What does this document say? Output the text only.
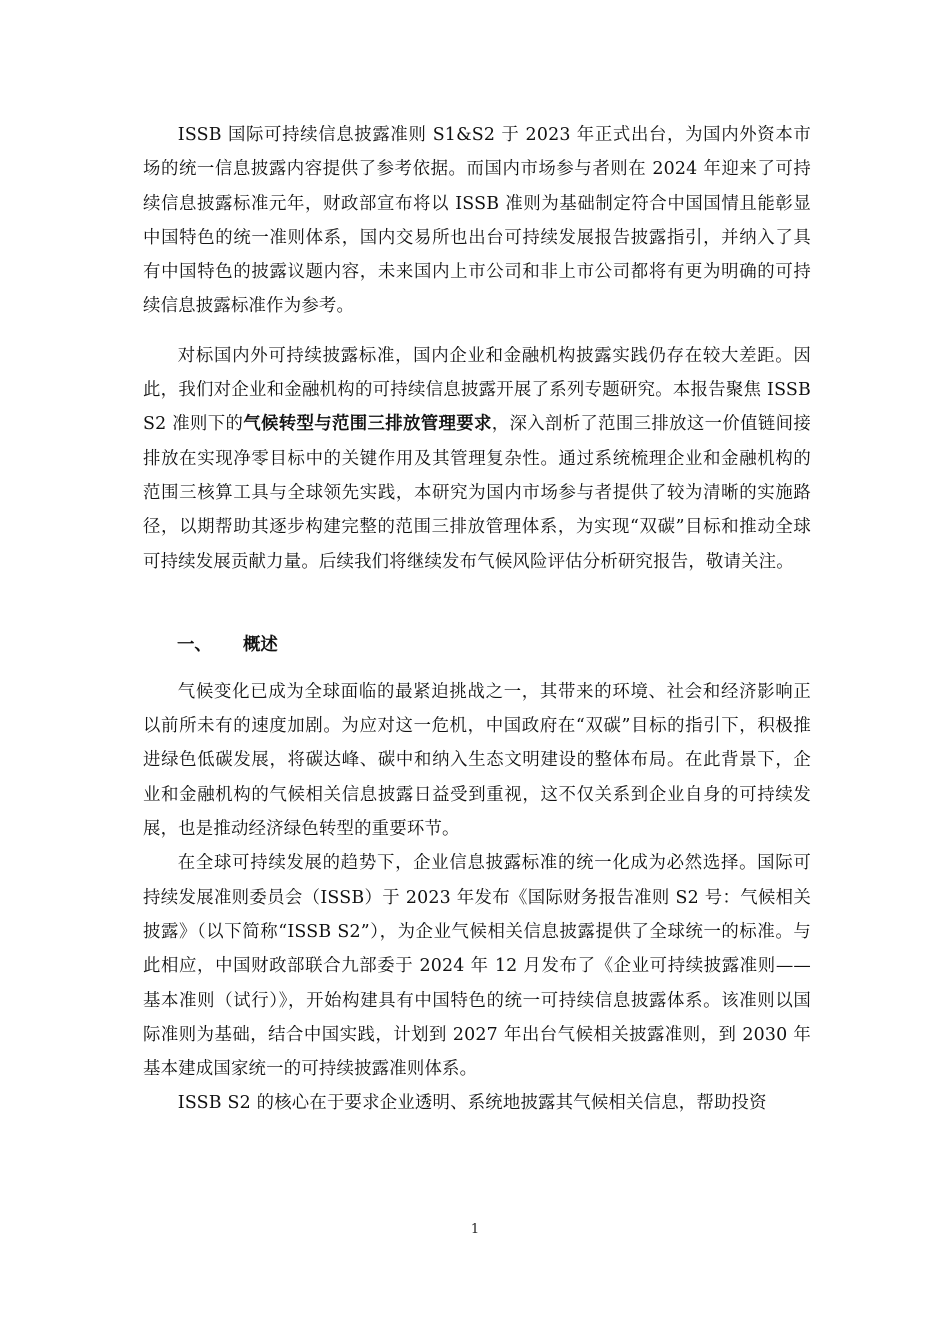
ISSB 国际可持续信息披露准则 S1&S2 于 2023 年正式出台，为国内外资本市场的统一信息披露内容提供了参考依据。而国内市场参与者则在 2024 年迎来了可持续信息披露标准元年，财政部宣布将以 ISSB 准则为基础制定符合中国国情且能彰显中国特色的统一准则体系，国内交易所也出台可持续发展报告披露指引，并纳入了具有中国特色的披露议题内容，未来国内上市公司和非上市公司都将有更为明确的可持续信息披露标准作为参考。

对标国内外可持续披露标准，国内企业和金融机构披露实践仍存在较大差距。因此，我们对企业和金融机构的可持续信息披露开展了系列专题研究。本报告聚焦 ISSB S2 准则下的气候转型与范围三排放管理要求，深入剖析了范围三排放这一价值链间接排放在实现净零目标中的关键作用及其管理复杂性。通过系统梳理企业和金融机构的范围三核算工具与全球领先实践，本研究为国内市场参与者提供了较为清晰的实施路径，以期帮助其逐步构建完整的范围三排放管理体系，为实现“双碳”目标和推动全球可持续发展贡献力量。后续我们将继续发布气候风险评估分析研究报告，敬请关注。

一、 概述

气候变化已成为全球面临的最紧迫挑战之一，其带来的环境、社会和经济影响正以前所未有的速度加剧。为应对这一危机，中国政府在“双碳”目标的指引下，积极推进绿色低碳发展，将碳达峰、碳中和纳入生态文明建设的整体布局。在此背景下，企业和金融机构的气候相关信息披露日益受到重视，这不仅关系到企业自身的可持续发展，也是推动经济绿色转型的重要环节。

在全球可持续发展的趋势下，企业信息披露标准的统一化成为必然选择。国际可持续发展准则委员会（ISSB）于 2023 年发布《国际财务报告准则 S2 号：气候相关披露》（以下简称“ISSB S2”），为企业气候相关信息披露提供了全球统一的标准。与此相应，中国财政部联合九部委于 2024 年 12 月发布了《企业可持续披露准则——基本准则（试行）》，开始构建具有中国特色的统一可持续信息披露体系。该准则以国际准则为基础，结合中国实践，计划到 2027 年出台气候相关披露准则，到 2030 年基本建成国家统一的可持续披露准则体系。

ISSB S2 的核心在于要求企业透明、系统地披露其气候相关信息，帮助投资

1
